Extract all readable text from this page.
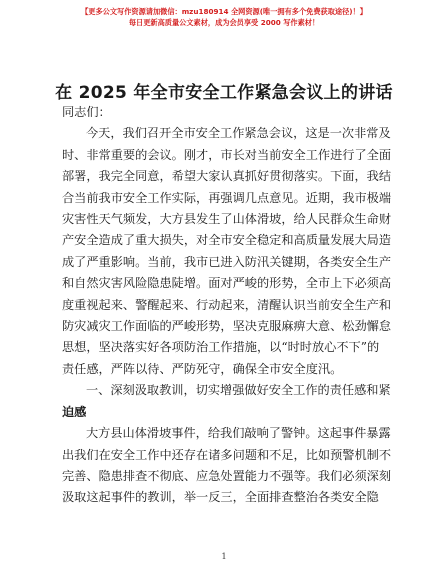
【更多公文写作资源请加微信：mzu180914 全网资源(唯一拥有多个免费获取途径)！】
每日更新高质量公文素材，成为会员享受 2000 写作素材！
在 2025 年全市安全工作紧急会议上的讲话
同志们：
今天，我们召开全市安全工作紧急会议，这是一次非常及
时、非常重要的会议。刚才，市长对当前安全工作进行了全面
部署，我完全同意，希望大家认真抓好贯彻落实。下面，我结
合当前我市安全工作实际，再强调几点意见。近期，我市极端
灾害性天气频发，大方县发生了山体滑坡，给人民群众生命财
产安全造成了重大损失，对全市安全稳定和高质量发展大局造
成了严重影响。当前，我市已进入防汛关键期，各类安全生产
和自然灾害风险隐患陡增。面对严峻的形势，全市上下必须高
度重视起来、警醒起来、行动起来，清醒认识当前安全生产和
防灾减灾工作面临的严峻形势，坚决克服麻痹大意、松劲懈怠
思想，坚决落实好各项防治工作措施，以“时时放心不下”的
责任感，严阵以待、严防死守，确保全市安全度汛。
一、深刻汲取教训，切实增强做好安全工作的责任感和紧
迫感
大方县山体滑坡事件，给我们敲响了警钟。这起事件暴露
出我们在安全工作中还存在诸多问题和不足，比如预警机制不
完善、隐患排查不彻底、应急处置能力不强等。我们必须深刻
汲取这起事件的教训，举一反三，全面排查整治各类安全隐
1
